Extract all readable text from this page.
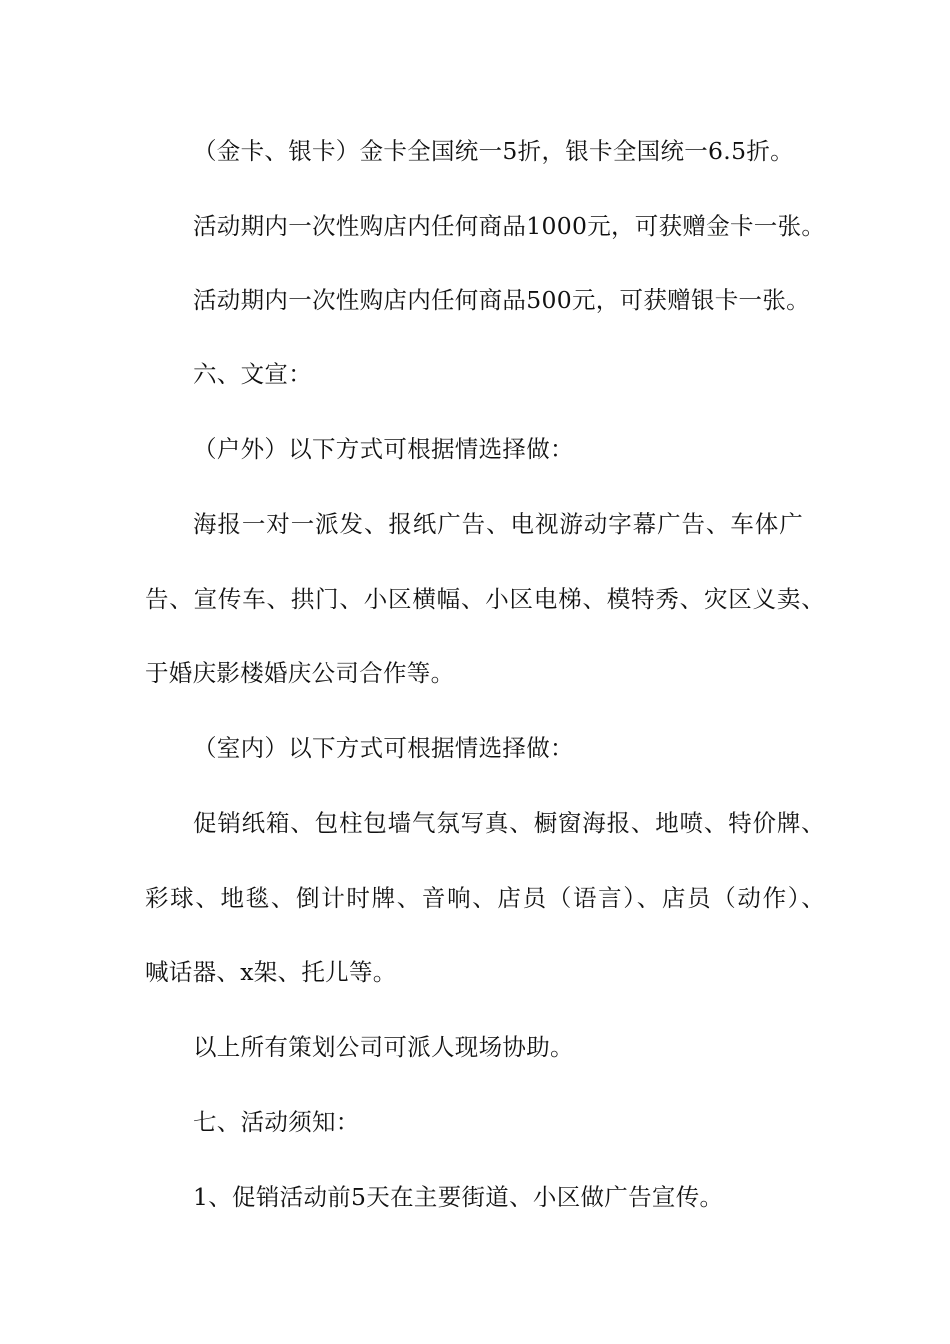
（金卡、银卡）金卡全国统一5折，银卡全国统一6.5折。
活动期内一次性购店内任何商品1000元，可获赠金卡一张。
活动期内一次性购店内任何商品500元，可获赠银卡一张。
六、文宣：
（户外）以下方式可根据情选择做：
海报一对一派发、报纸广告、电视游动字幕广告、车体广
告、宣传车、拱门、小区横幅、小区电梯、模特秀、灾区义卖、
于婚庆影楼婚庆公司合作等。
（室内）以下方式可根据情选择做：
促销纸箱、包柱包墙气氛写真、橱窗海报、地喷、特价牌、
彩球、地毯、倒计时牌、音响、店员（语言）、店员（动作）、
喊话器、x架、托儿等。
以上所有策划公司可派人现场协助。
七、活动须知：
1、促销活动前5天在主要街道、小区做广告宣传。
